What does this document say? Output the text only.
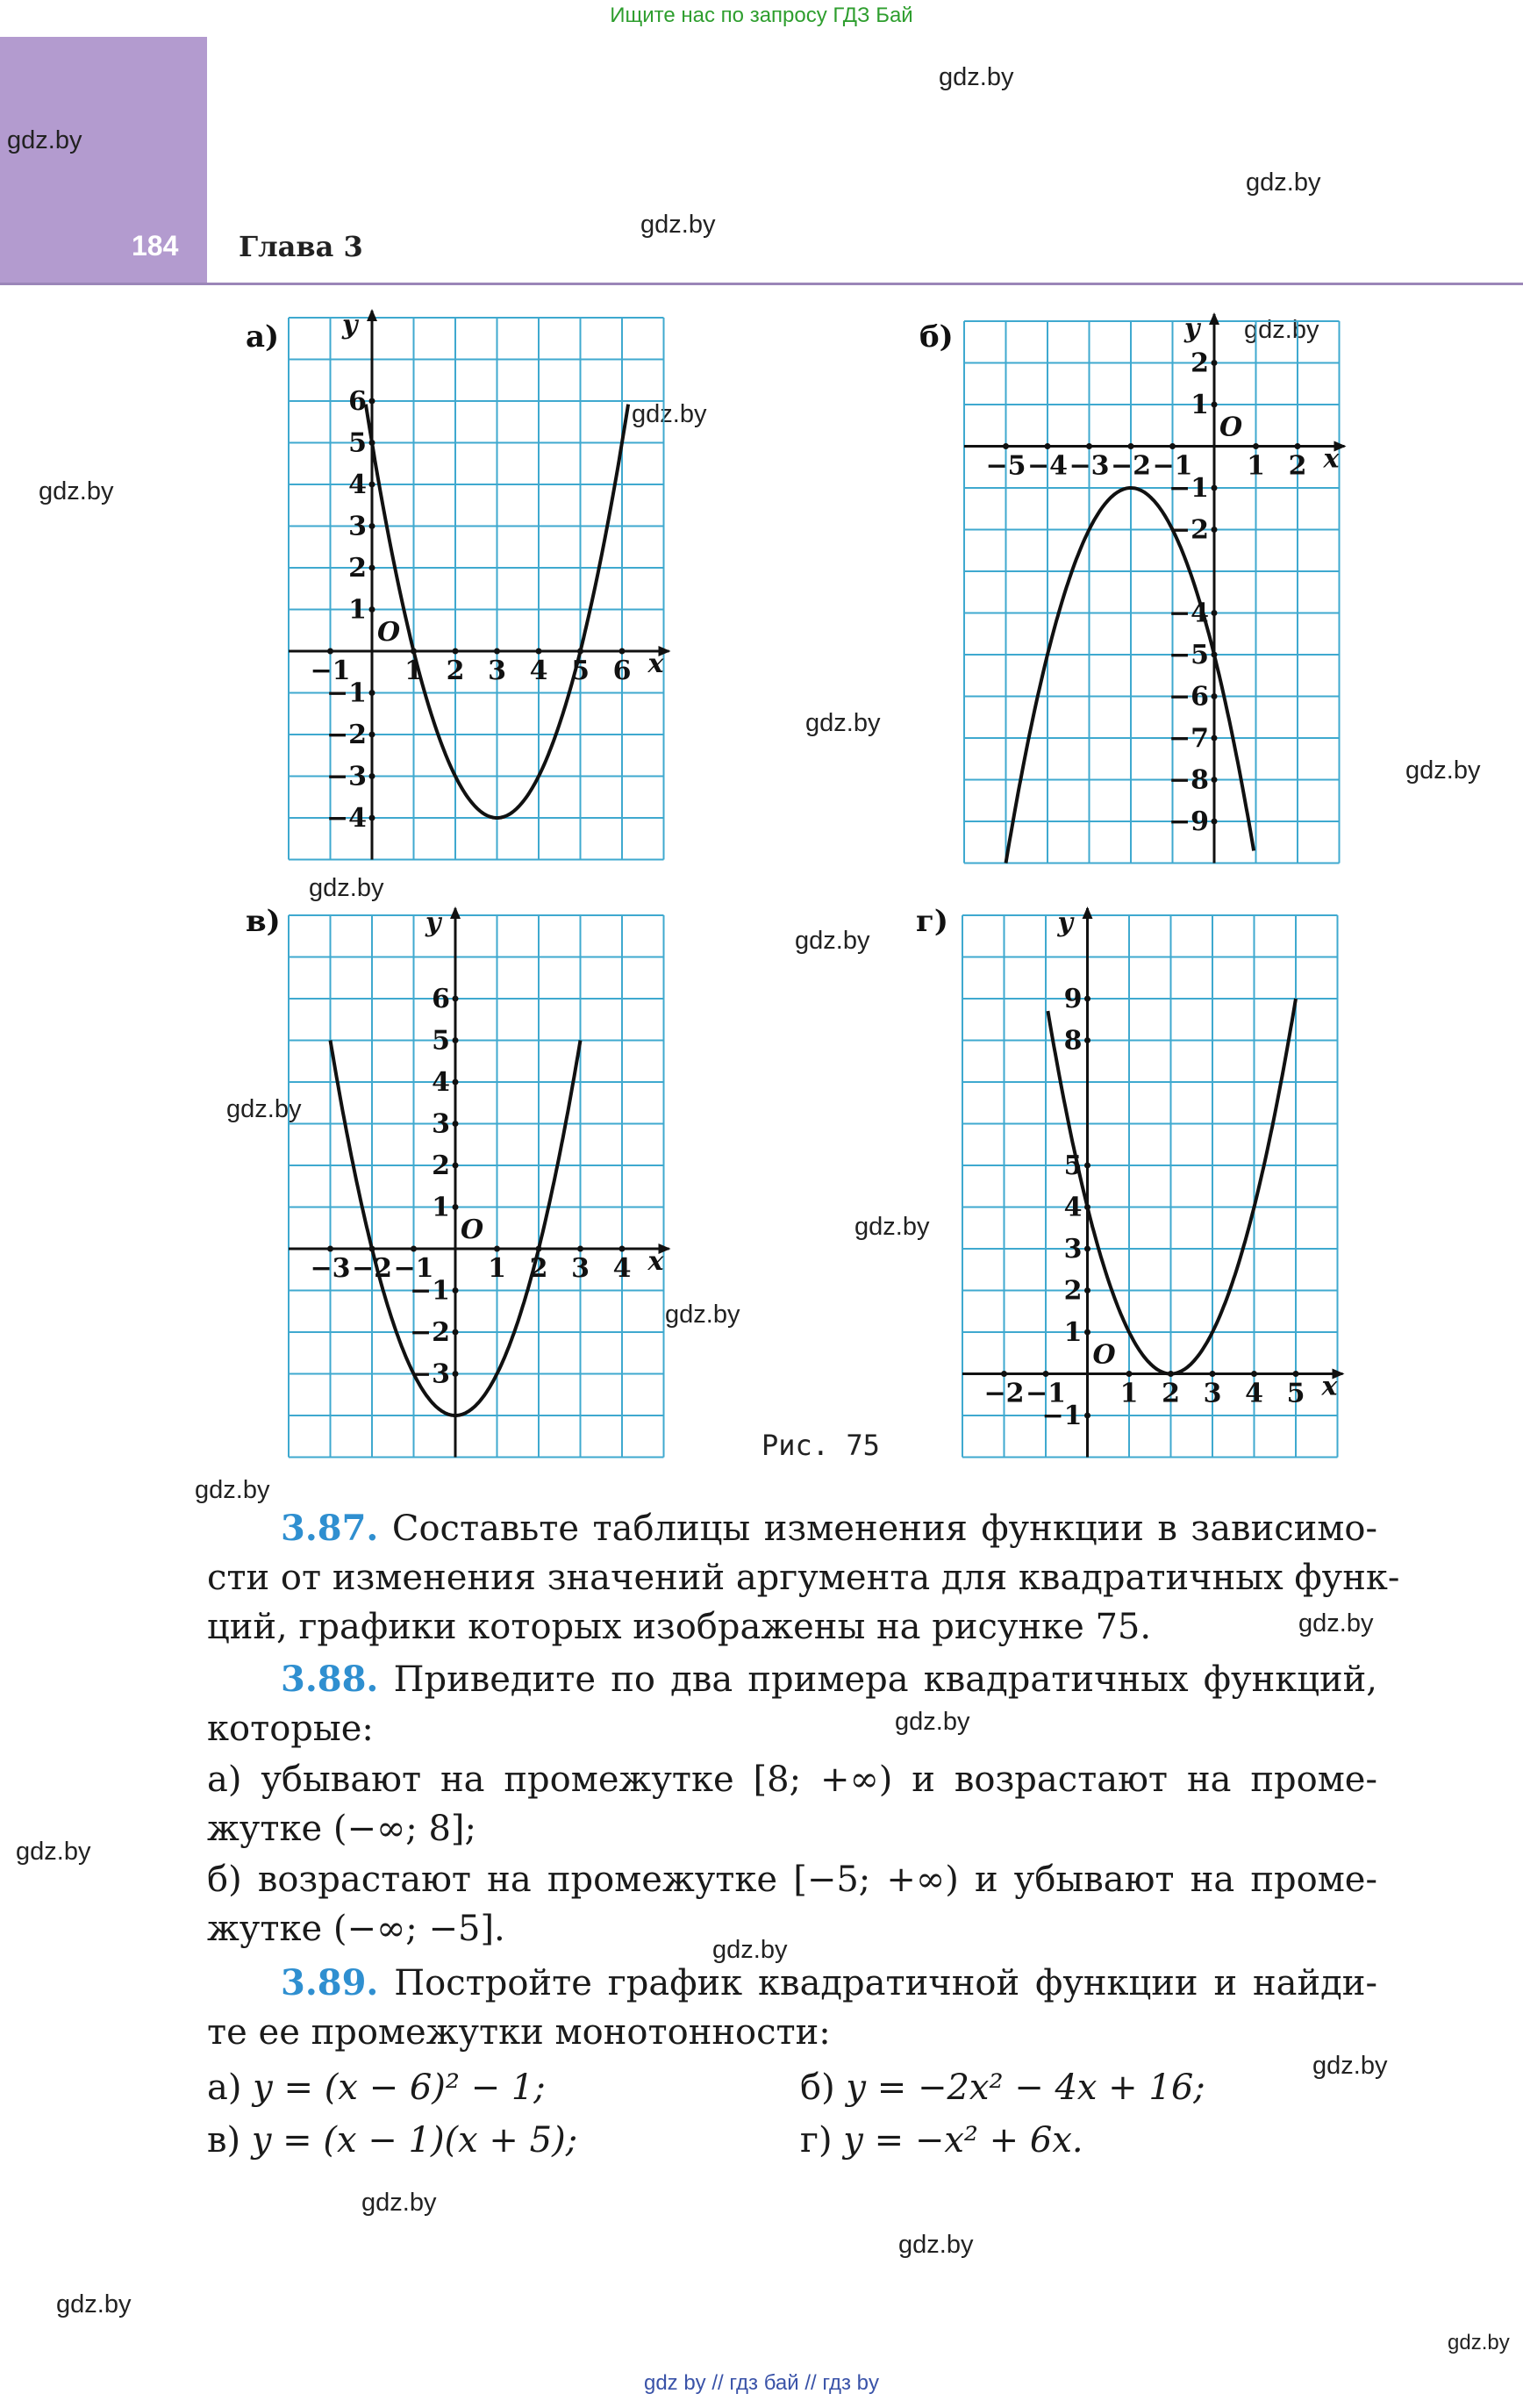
Ищите нас по запросу ГДЗ Бай
184 Глава 3
gdz.by
gdz.by
gdz.by
gdz.by
gdz.by
gdz.by
gdz.by
gdz.by
gdz.by
gdz.by
gdz.by
gdz.by
gdz.by
gdz.by
gdz.by
gdz.by
gdz.by
gdz.by
gdz.by
gdz.by
gdz.by
gdz.by
gdz.by
gdz.by
а)	б)
в)	г)
x
y
O
−1 1 2 3 4 5 6
6
5
4
3
2
1
−1
−2
−3
−4
x
y
O
−5 −4 −3 −2 −1 1 2
2
1
−1
−2
−4
−5
−6
−7
−8
−9
x
y
O
−3 −2 −1 1 2 3 4
6
5
4
3
2
1
−1
−2
−3	x
y
O
−2 −1 1 2 3 4 5
9
8
5
4
3
2
1
−1
Рис. 75
3.87. Составьте таблицы изменения функции в зависимо-
сти от изменения значений аргумента для квадратичных функ-
ций, графики которых изображены на рисунке 75.
3.88. Приведите по два примера квадратичных функций,
которые:
а) убывают на промежутке [8; +∞) и возрастают на проме-
жутке (−∞; 8];
б) возрастают на промежутке [−5; +∞) и убывают на проме-
жутке (−∞; −5].
3.89. Постройте график квадратичной функции и найди-
те ее промежутки монотонности:
а) y = (x − 6)² − 1;	б) y = −2x² − 4x + 16;
в) y = (x − 1)(x + 5);	г) y = −x² + 6x.
gdz by // гдз бай // гдз by
